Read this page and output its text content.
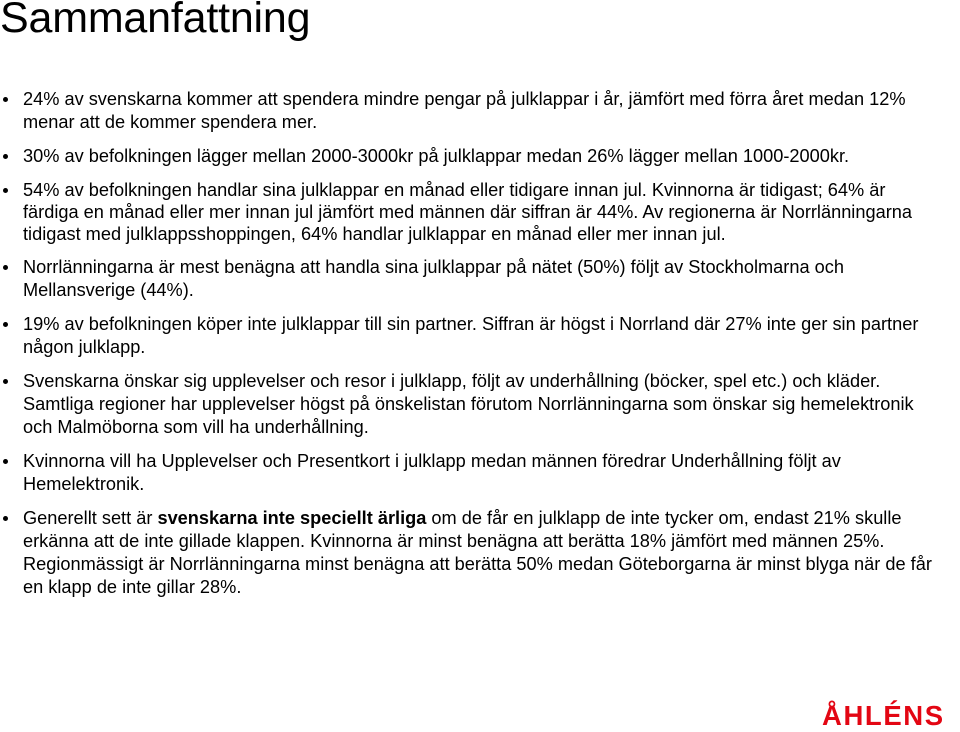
Sammanfattning
24% av svenskarna kommer att spendera mindre pengar på julklappar i år, jämfört med förra året medan 12% menar att de kommer spendera mer.
30% av befolkningen lägger mellan 2000-3000kr på julklappar medan 26% lägger mellan 1000-2000kr.
54% av befolkningen handlar sina julklappar en månad eller tidigare innan jul. Kvinnorna är tidigast; 64% är färdiga en månad eller mer innan jul jämfört med männen där siffran är 44%. Av regionerna är Norrlänningarna tidigast med julklappsshoppingen, 64% handlar julklappar en månad eller mer innan jul.
Norrlänningarna är mest benägna att handla sina julklappar på nätet (50%) följt av Stockholmarna och Mellansverige (44%).
19% av befolkningen köper inte julklappar till sin partner. Siffran är högst i Norrland där 27% inte ger sin partner någon julklapp.
Svenskarna önskar sig upplevelser och resor i julklapp, följt av underhållning (böcker, spel etc.) och kläder. Samtliga regioner har upplevelser högst på önskelistan förutom Norrlänningarna som önskar sig hemelektronik och Malmöborna som vill ha underhållning.
Kvinnorna vill ha Upplevelser och Presentkort i julklapp medan männen föredrar Underhållning följt av Hemelektronik.
Generellt sett är svenskarna inte speciellt ärliga om de får en julklapp de inte tycker om, endast 21% skulle erkänna att de inte gillade klappen. Kvinnorna är minst benägna att berätta 18% jämfört med männen 25%. Regionmässigt är Norrlänningarna minst benägna att berätta 50% medan Göteborgarna är minst blyga när de får en klapp de inte gillar 28%.
ÅHLÉNS
